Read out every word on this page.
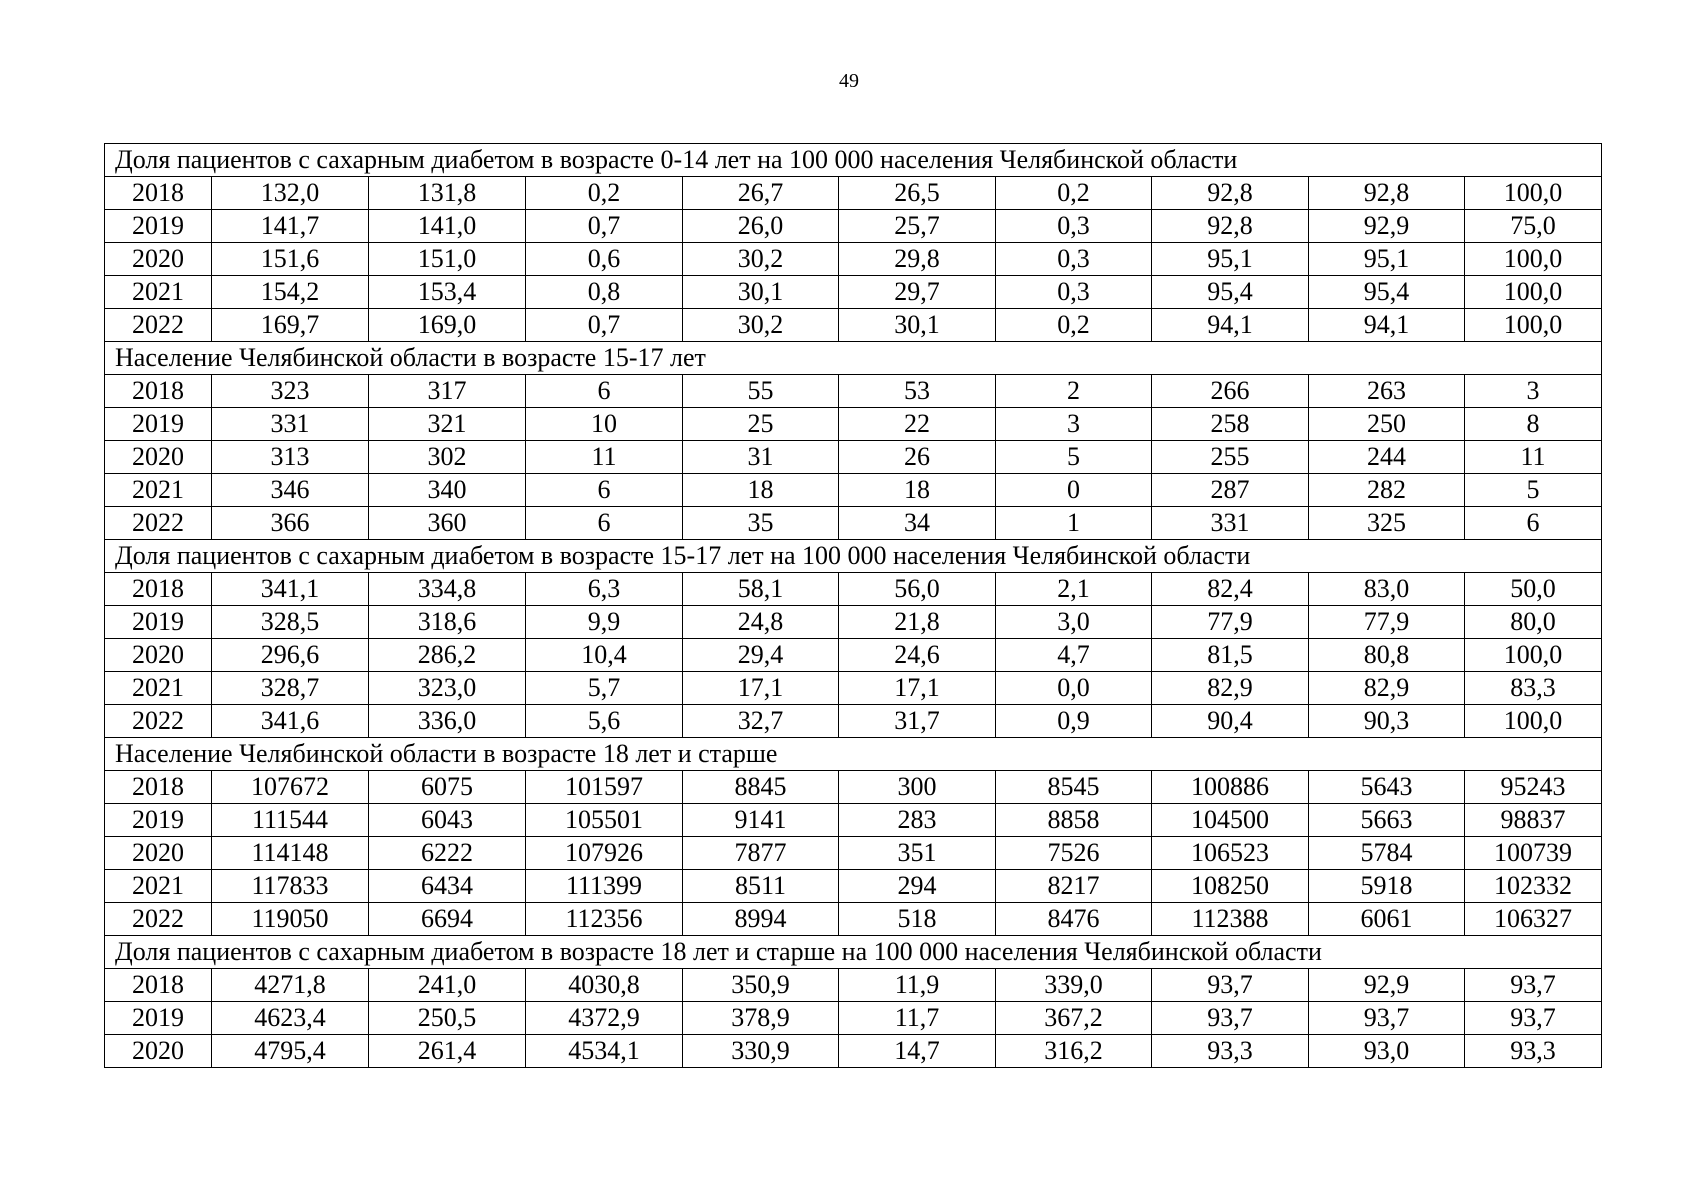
49
Доля пациентов с сахарным диабетом в возрасте 0-14 лет на 100 000 населения Челябинской области									
2018	132,0	131,8	0,2	26,7	26,5	0,2	92,8	92,8	100,0
2019	141,7	141,0	0,7	26,0	25,7	0,3	92,8	92,9	75,0
2020	151,6	151,0	0,6	30,2	29,8	0,3	95,1	95,1	100,0
2021	154,2	153,4	0,8	30,1	29,7	0,3	95,4	95,4	100,0
2022	169,7	169,0	0,7	30,2	30,1	0,2	94,1	94,1	100,0
Население Челябинской области в возрасте 15-17 лет									
2018	323	317	6	55	53	2	266	263	3
2019	331	321	10	25	22	3	258	250	8
2020	313	302	11	31	26	5	255	244	11
2021	346	340	6	18	18	0	287	282	5
2022	366	360	6	35	34	1	331	325	6
Доля пациентов с сахарным диабетом в возрасте 15-17 лет на 100 000 населения Челябинской области									
2018	341,1	334,8	6,3	58,1	56,0	2,1	82,4	83,0	50,0
2019	328,5	318,6	9,9	24,8	21,8	3,0	77,9	77,9	80,0
2020	296,6	286,2	10,4	29,4	24,6	4,7	81,5	80,8	100,0
2021	328,7	323,0	5,7	17,1	17,1	0,0	82,9	82,9	83,3
2022	341,6	336,0	5,6	32,7	31,7	0,9	90,4	90,3	100,0
Население Челябинской области в возрасте 18 лет и старше									
2018	107672	6075	101597	8845	300	8545	100886	5643	95243
2019	111544	6043	105501	9141	283	8858	104500	5663	98837
2020	114148	6222	107926	7877	351	7526	106523	5784	100739
2021	117833	6434	111399	8511	294	8217	108250	5918	102332
2022	119050	6694	112356	8994	518	8476	112388	6061	106327
Доля пациентов с сахарным диабетом в возрасте 18 лет и старше на 100 000 населения Челябинской области									
2018	4271,8	241,0	4030,8	350,9	11,9	339,0	93,7	92,9	93,7
2019	4623,4	250,5	4372,9	378,9	11,7	367,2	93,7	93,7	93,7
2020	4795,4	261,4	4534,1	330,9	14,7	316,2	93,3	93,0	93,3
